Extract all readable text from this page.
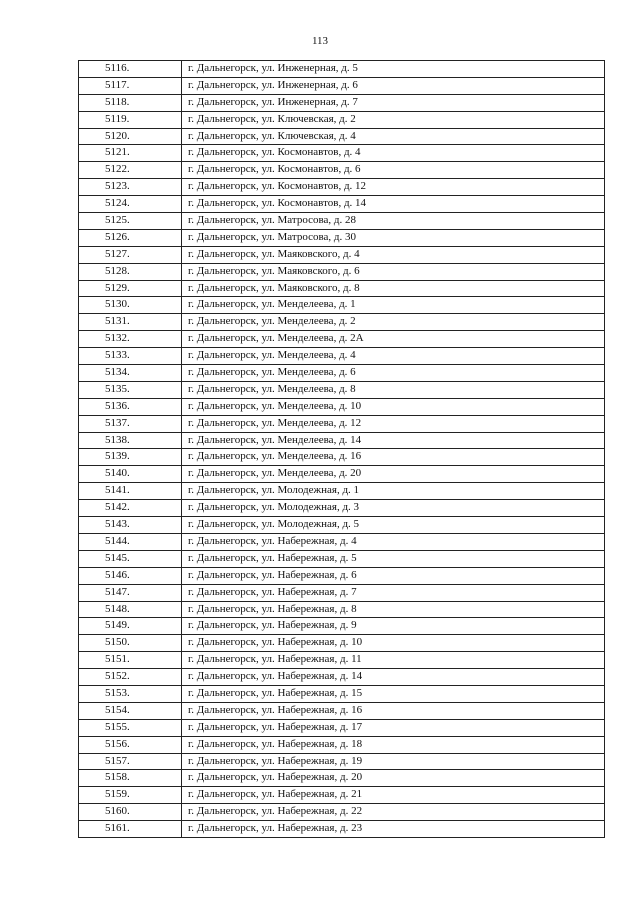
113
5116.	г. Дальнегорск, ул. Инженерная, д. 5
5117.	г. Дальнегорск, ул. Инженерная, д. 6
5118.	г. Дальнегорск, ул. Инженерная, д. 7
5119.	г. Дальнегорск, ул. Ключевская, д. 2
5120.	г. Дальнегорск, ул. Ключевская, д. 4
5121.	г. Дальнегорск, ул. Космонавтов, д. 4
5122.	г. Дальнегорск, ул. Космонавтов, д. 6
5123.	г. Дальнегорск, ул. Космонавтов, д. 12
5124.	г. Дальнегорск, ул. Космонавтов, д. 14
5125.	г. Дальнегорск, ул. Матросова, д. 28
5126.	г. Дальнегорск, ул. Матросова, д. 30
5127.	г. Дальнегорск, ул. Маяковского, д. 4
5128.	г. Дальнегорск, ул. Маяковского, д. 6
5129.	г. Дальнегорск, ул. Маяковского, д. 8
5130.	г. Дальнегорск, ул. Менделеева, д. 1
5131.	г. Дальнегорск, ул. Менделеева, д. 2
5132.	г. Дальнегорск, ул. Менделеева, д. 2А
5133.	г. Дальнегорск, ул. Менделеева, д. 4
5134.	г. Дальнегорск, ул. Менделеева, д. 6
5135.	г. Дальнегорск, ул. Менделеева, д. 8
5136.	г. Дальнегорск, ул. Менделеева, д. 10
5137.	г. Дальнегорск, ул. Менделеева, д. 12
5138.	г. Дальнегорск, ул. Менделеева, д. 14
5139.	г. Дальнегорск, ул. Менделеева, д. 16
5140.	г. Дальнегорск, ул. Менделеева, д. 20
5141.	г. Дальнегорск, ул. Молодежная, д. 1
5142.	г. Дальнегорск, ул. Молодежная, д. 3
5143.	г. Дальнегорск, ул. Молодежная, д. 5
5144.	г. Дальнегорск, ул. Набережная, д. 4
5145.	г. Дальнегорск, ул. Набережная, д. 5
5146.	г. Дальнегорск, ул. Набережная, д. 6
5147.	г. Дальнегорск, ул. Набережная, д. 7
5148.	г. Дальнегорск, ул. Набережная, д. 8
5149.	г. Дальнегорск, ул. Набережная, д. 9
5150.	г. Дальнегорск, ул. Набережная, д. 10
5151.	г. Дальнегорск, ул. Набережная, д. 11
5152.	г. Дальнегорск, ул. Набережная, д. 14
5153.	г. Дальнегорск, ул. Набережная, д. 15
5154.	г. Дальнегорск, ул. Набережная, д. 16
5155.	г. Дальнегорск, ул. Набережная, д. 17
5156.	г. Дальнегорск, ул. Набережная, д. 18
5157.	г. Дальнегорск, ул. Набережная, д. 19
5158.	г. Дальнегорск, ул. Набережная, д. 20
5159.	г. Дальнегорск, ул. Набережная, д. 21
5160.	г. Дальнегорск, ул. Набережная, д. 22
5161.	г. Дальнегорск, ул. Набережная, д. 23
